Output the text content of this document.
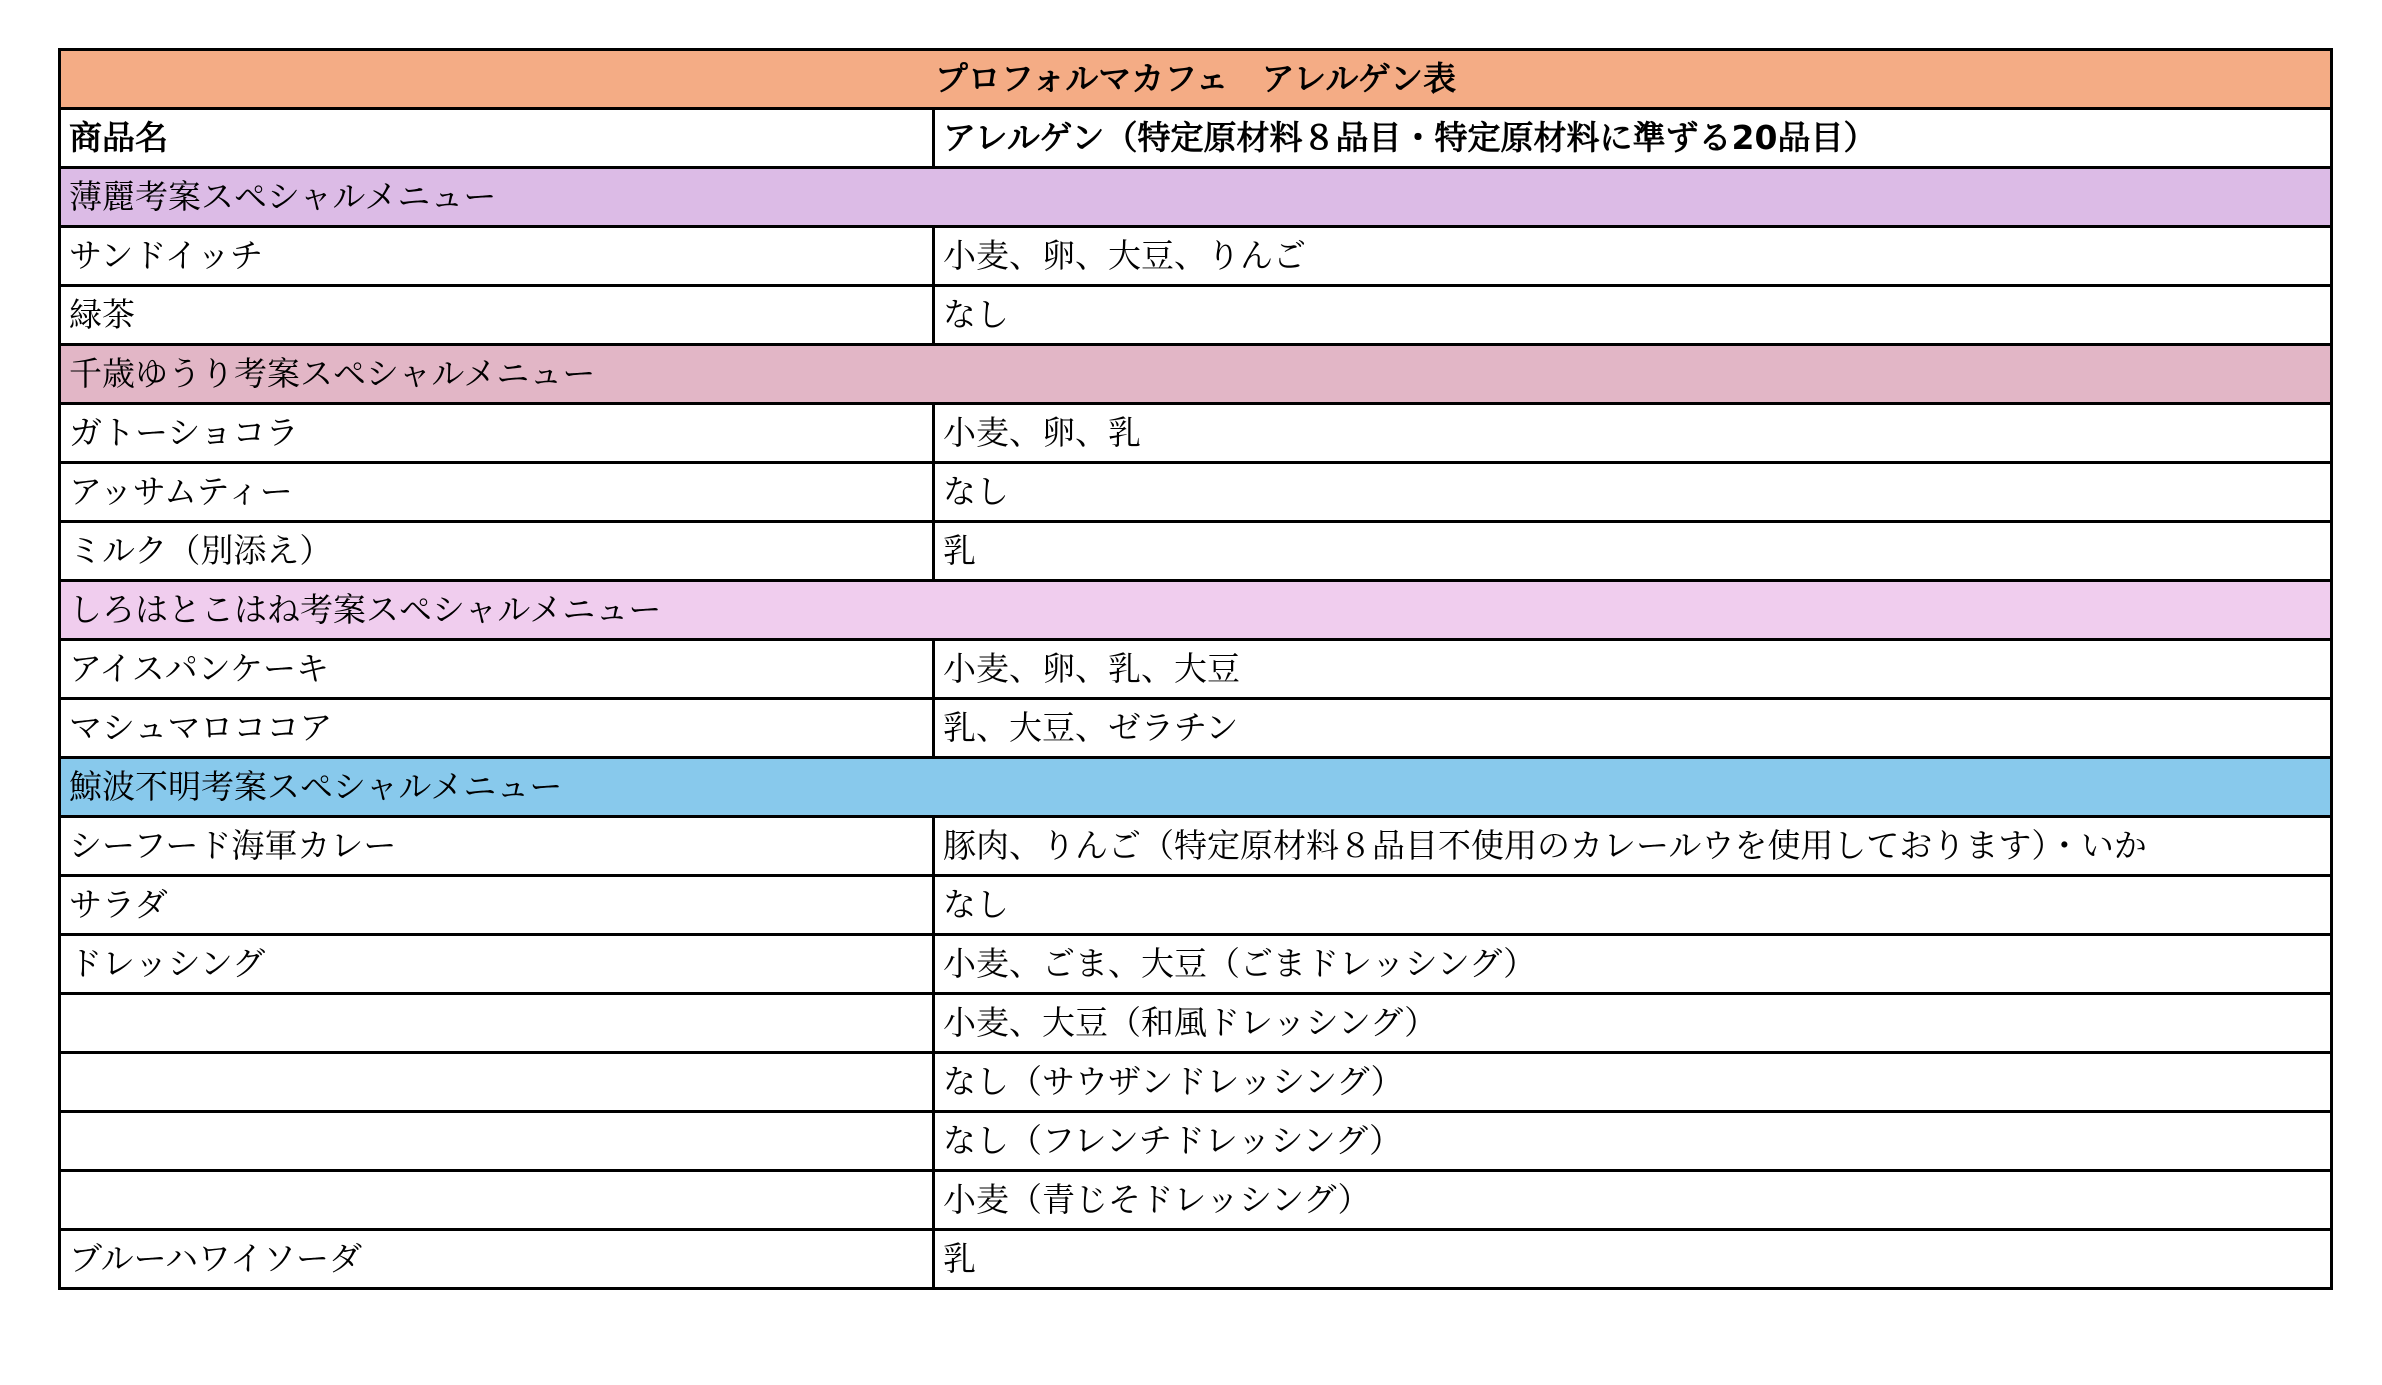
プロフォルマカフェ　アレルゲン表	
商品名	アレルゲン（特定原材料８品目・特定原材料に準ずる20品目）
薄麗考案スペシャルメニュー	
サンドイッチ	小麦、卵、大豆、りんご
緑茶	なし
千歳ゆうり考案スペシャルメニュー	
ガトーショコラ	小麦、卵、乳
アッサムティー	なし
ミルク（別添え）	乳
しろはとこはね考案スペシャルメニュー	
アイスパンケーキ	小麦、卵、乳、大豆
マシュマロココア	乳、大豆、ゼラチン
鯨波不明考案スペシャルメニュー	
シーフード海軍カレー	豚肉、りんご（特定原材料８品目不使用のカレールウを使用しております）・いか
サラダ	なし
ドレッシング	小麦、ごま、大豆（ごまドレッシング）
	小麦、大豆（和風ドレッシング）
	なし（サウザンドレッシング）
	なし（フレンチドレッシング）
	小麦（青じそドレッシング）
ブルーハワイソーダ	乳
